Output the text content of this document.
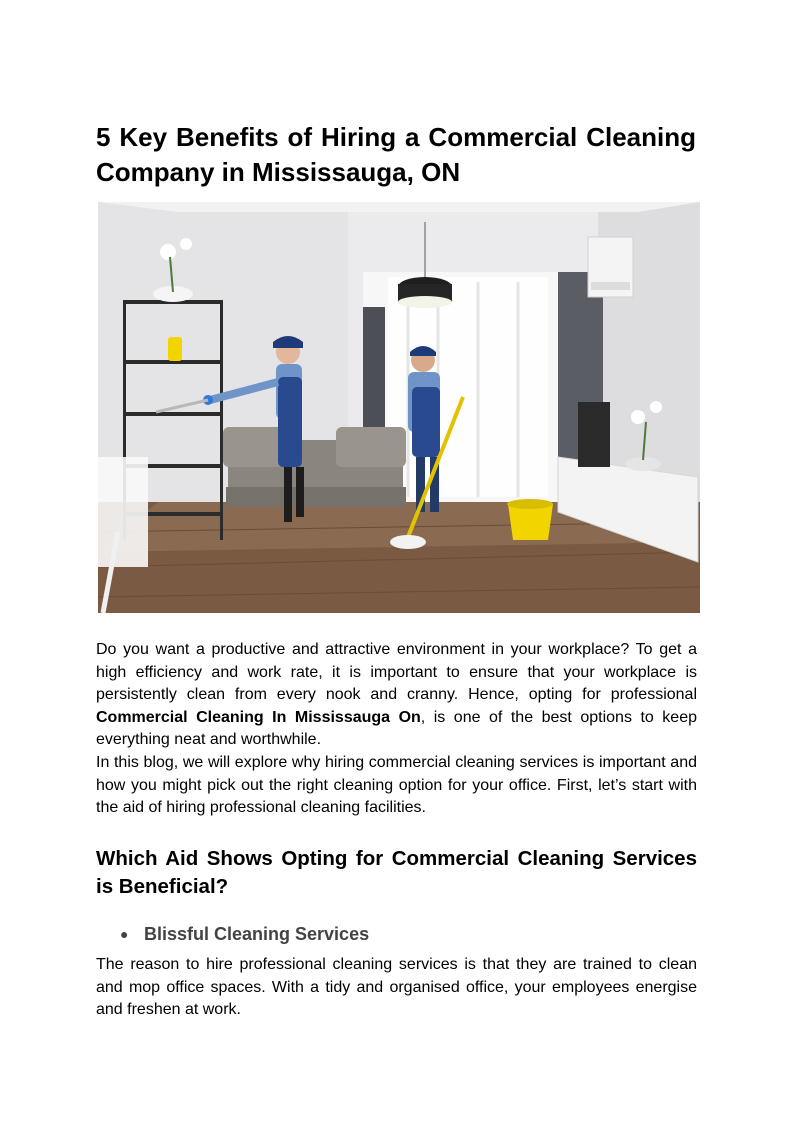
5 Key Benefits of Hiring a Commercial Cleaning Company in Mississauga, ON

Do you want a productive and attractive environment in your workplace? To get a high efficiency and work rate, it is important to ensure that your workplace is persistently clean from every nook and cranny. Hence, opting for professional Commercial Cleaning In Mississauga On, is one of the best options to keep everything neat and worthwhile.

In this blog, we will explore why hiring commercial cleaning services is important and how you might pick out the right cleaning option for your office. First, let’s start with the aid of hiring professional cleaning facilities.

Which Aid Shows Opting for Commercial Cleaning Services is Beneficial?
● Blissful Cleaning Services

The reason to hire professional cleaning services is that they are trained to clean and mop office spaces. With a tidy and organised office, your employees energise and freshen at work.
